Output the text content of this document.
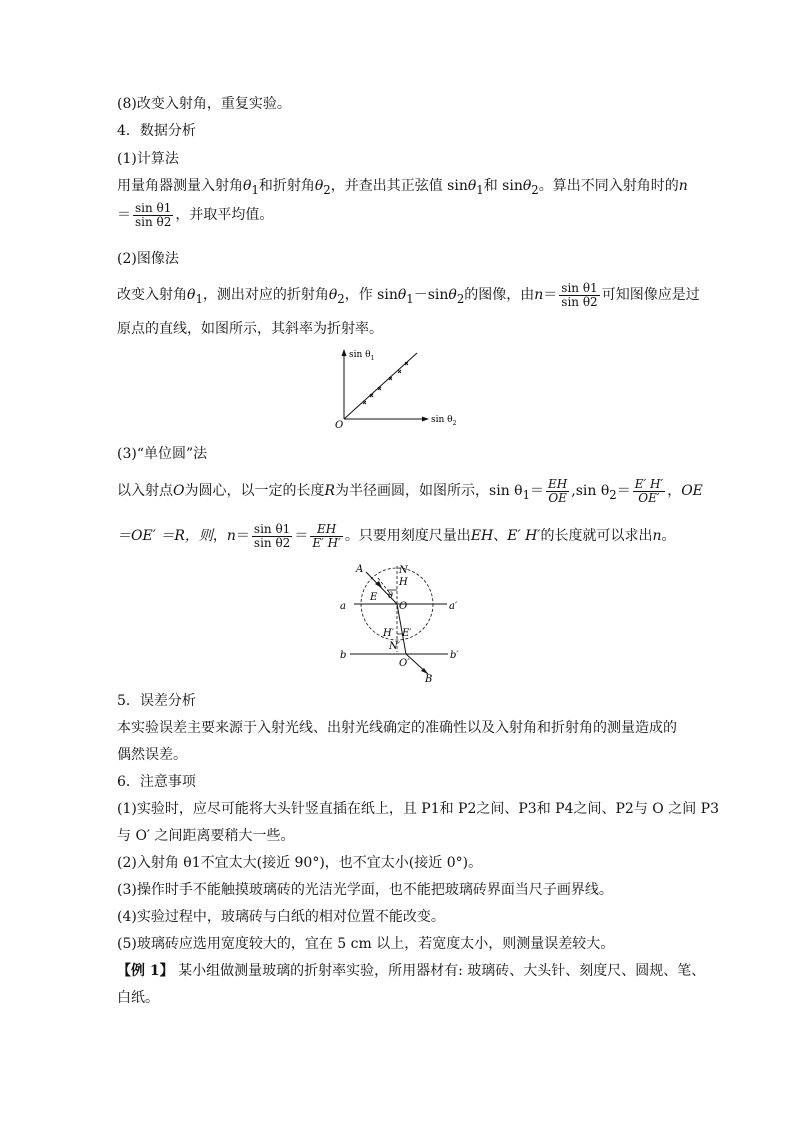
(8)改变入射角，重复实验。
4．数据分析
(1)计算法
用量角器测量入射角$\theta_1$和折射角$\theta_2$，并查出其正弦值 sinθ$_1$和 sinθ$_2$。算出不同入射角时的n
＝ $\frac{\text{sin θ1}}{\text{sin θ2}}$ ，并取平均值。
(2)图像法
改变入射角$\theta_1$，测出对应的折射角$\theta_2$，作 sinθ$_1$－sinθ$_2$的图像，由$n= \frac{\text{sin θ1}}{\text{sin θ2}}$ 可知图像应是过
原点的直线，如图所示，其斜率为折射率。
$\sin \theta_1$
$\sin \theta_2$
O
(3)“单位圆”法
以入射点O为圆心，以一定的长度R为半径画圆，如图所示，$\sin \theta_1= \frac{EH}{OE} ,\sin$ $\theta_2= \frac{E' H'}{OE'}$ ，OE
＝OE′ ＝R，则，$n= \frac{\text{sin θ1}}{\text{sin θ2}} = \frac{EH}{E' H'}$ 。只要用刻度尺量出EH、E′ H′的长度就可以求出n。
A	N
H
θ
E
O
a	a′
H′ E′
N′
b	b′
O′
B
5．误差分析
本实验误差主要来源于入射光线、出射光线确定的准确性以及入射角和折射角的测量造成的
偶然误差。
6．注意事项
(1)实验时，应尽可能将大头针竖直插在纸上，且 P1和 P2之间、P3和 P4之间、P2与 O 之间 P3
与 O′ 之间距离要稍大一些。
(2)入射角 θ1不宜太大(接近 90°)，也不宜太小(接近 0°)。
(3)操作时手不能触摸玻璃砖的光洁光学面，也不能把玻璃砖界面当尺子画界线。
(4)实验过程中，玻璃砖与白纸的相对位置不能改变。
(5)玻璃砖应选用宽度较大的，宜在 5 cm 以上，若宽度太小，则测量误差较大。
【例 1】 某小组做测量玻璃的折射率实验，所用器材有: 玻璃砖、大头针、刻度尺、圆规、笔、
白纸。
